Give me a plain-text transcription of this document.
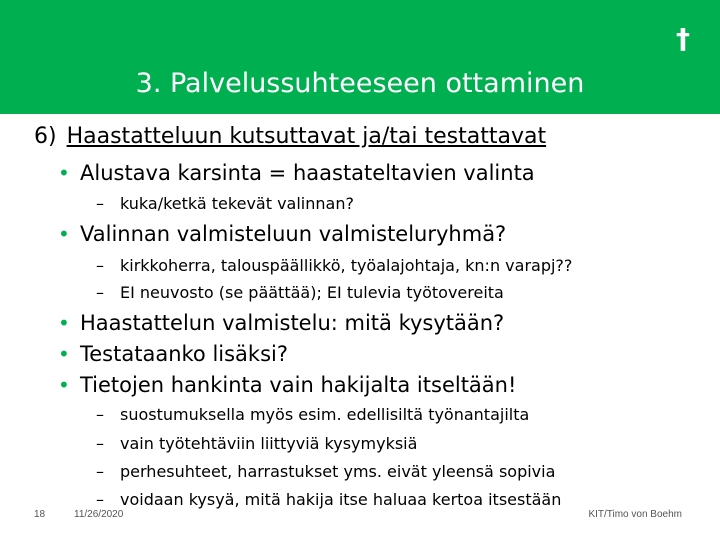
†
3. Palvelussuhteeseen ottaminen
6) Haastatteluun kutsuttavat ja/tai testattavat
• Alustava karsinta = haastateltavien valinta
– kuka/ketkä tekevät valinnan?
• Valinnan valmisteluun valmisteluryhmä?
– kirkkoherra, talouspäällikkö, työalajohtaja, kn:n varapj??
– EI neuvosto (se päättää); EI tulevia työtovereita
• Haastattelun valmistelu: mitä kysytään?
• Testataanko lisäksi?
• Tietojen hankinta vain hakijalta itseltään!
– suostumuksella myös esim. edellisiltä työnantajilta
– vain työtehtäviin liittyviä kysymyksiä
– perhesuhteet, harrastukset yms. eivät yleensä sopivia
– voidaan kysyä, mitä hakija itse haluaa kertoa itsestään
18	11/26/2020	KIT/Timo von Boehm
